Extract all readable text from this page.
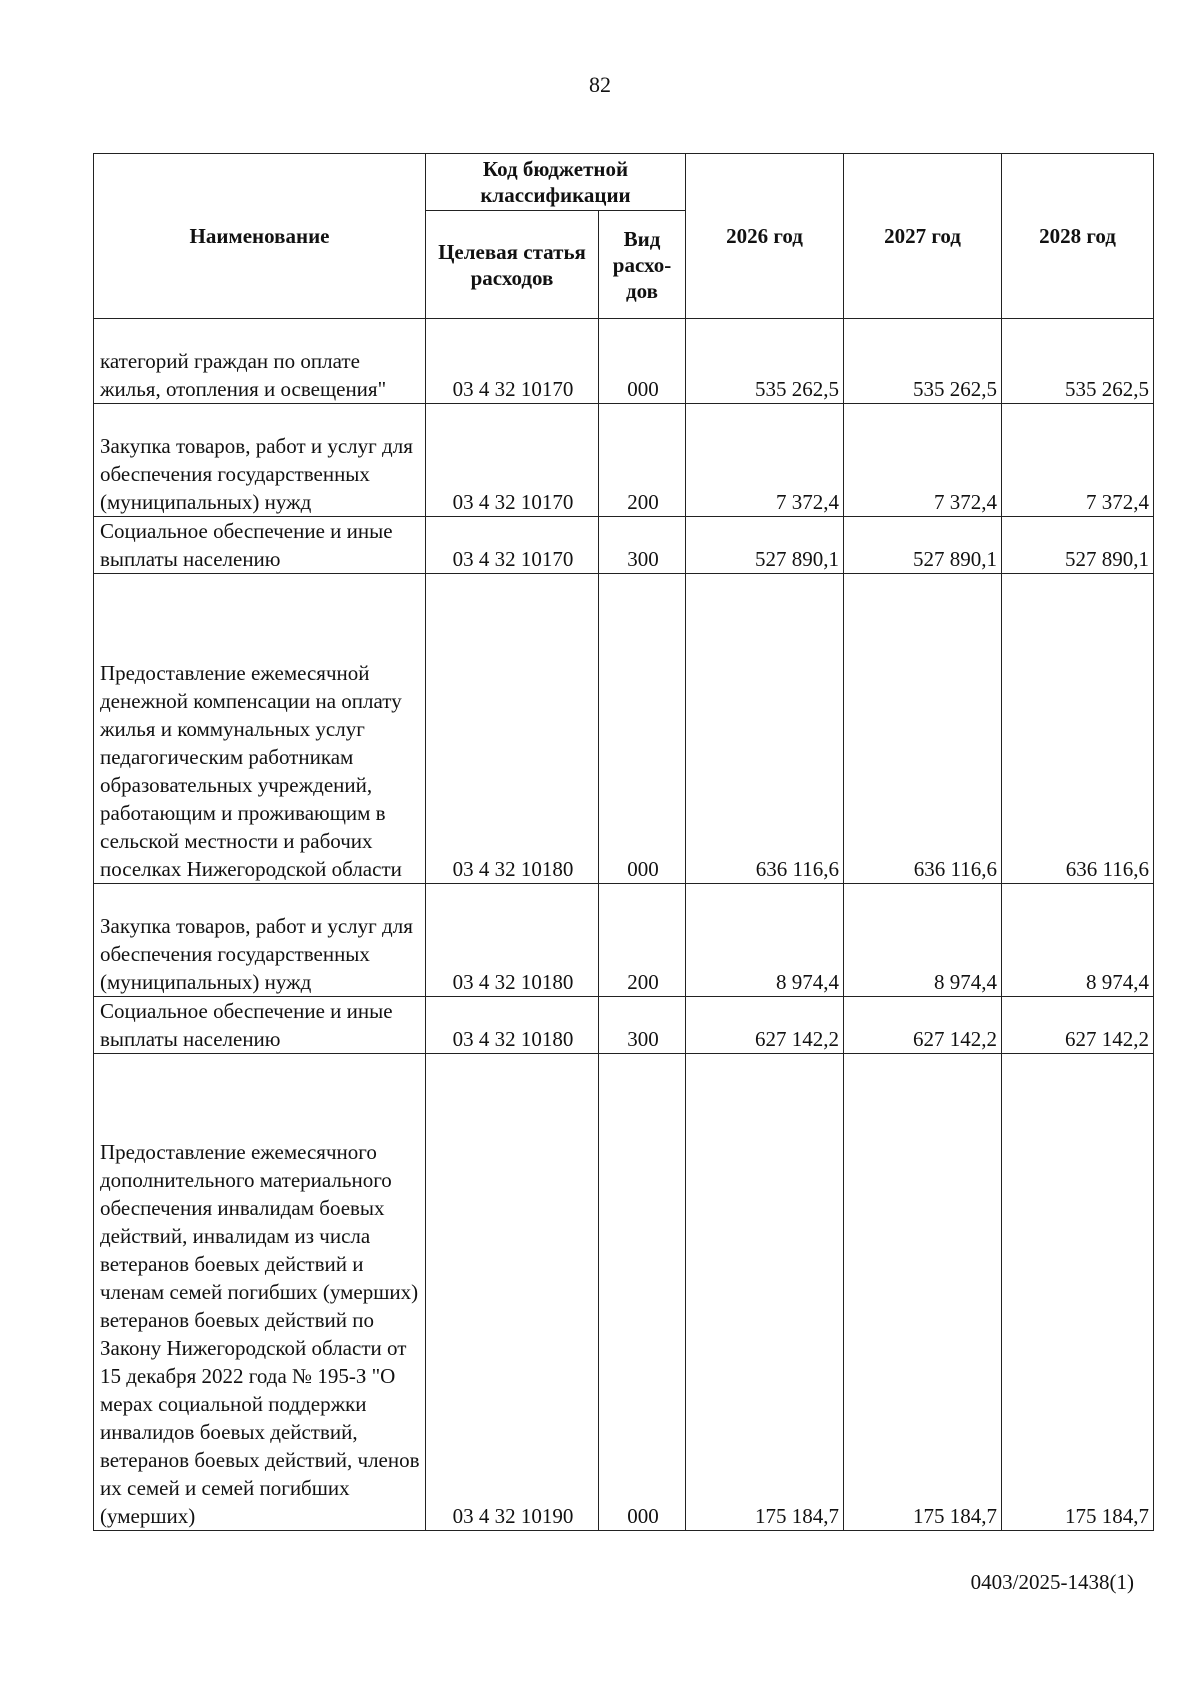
82
Наименование	Код бюджетной классификации		2026 год	2027 год	2028 год
	Целевая статья расходов	Вид расхо-дов			
категорий граждан по оплате жилья, отопления и освещения"	03 4 32 10170	000	535 262,5	535 262,5	535 262,5
Закупка товаров, работ и услуг для обеспечения государственных (муниципальных) нужд	03 4 32 10170	200	7 372,4	7 372,4	7 372,4
Социальное обеспечение и иные выплаты населению	03 4 32 10170	300	527 890,1	527 890,1	527 890,1
Предоставление ежемесячной денежной компенсации на оплату жилья и коммунальных услуг педагогическим работникам образовательных учреждений, работающим и проживающим в сельской местности и рабочих поселках Нижегородской области	03 4 32 10180	000	636 116,6	636 116,6	636 116,6
Закупка товаров, работ и услуг для обеспечения государственных (муниципальных) нужд	03 4 32 10180	200	8 974,4	8 974,4	8 974,4
Социальное обеспечение и иные выплаты населению	03 4 32 10180	300	627 142,2	627 142,2	627 142,2
Предоставление ежемесячного дополнительного материального обеспечения инвалидам боевых действий, инвалидам из числа ветеранов боевых действий и членам семей погибших (умерших) ветеранов боевых действий по Закону Нижегородской области от 15 декабря 2022 года № 195-З "О мерах социальной поддержки инвалидов боевых действий, ветеранов боевых действий, членов их семей и семей погибших (умерших)	03 4 32 10190	000	175 184,7	175 184,7	175 184,7
0403/2025-1438(1)
